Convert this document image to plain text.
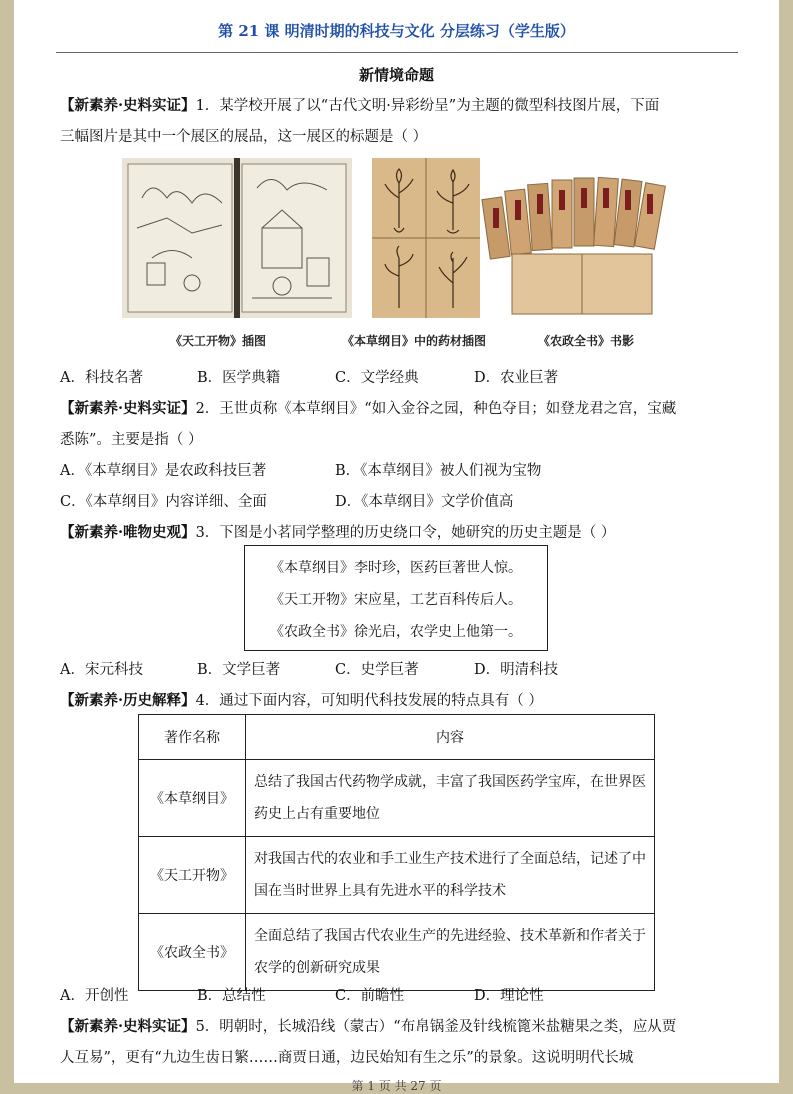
第 21 课 明清时期的科技与文化 分层练习（学生版）
新情境命题
【新素养·史料实证】1．某学校开展了以“古代文明·异彩纷呈”为主题的微型科技图片展，下面
三幅图片是其中一个展区的展品，这一展区的标题是（ ）
《天工开物》插图	《本草纲目》中的药材插图	《农政全书》书影
A．科技名著	B．医学典籍	C．文学经典	D．农业巨著
【新素养·史料实证】2．王世贞称《本草纲目》“如入金谷之园，种色夺目；如登龙君之宫，宝藏
悉陈”。主要是指（ ）
A．《本草纲目》是农政科技巨著	B．《本草纲目》被人们视为宝物
C．《本草纲目》内容详细、全面	D．《本草纲目》文学价值高
【新素养·唯物史观】3．下图是小茗同学整理的历史绕口令，她研究的历史主题是（ ）
《本草纲目》李时珍，医药巨著世人惊。
《天工开物》宋应星，工艺百科传后人。
《农政全书》徐光启，农学史上他第一。
A．宋元科技	B．文学巨著	C．史学巨著	D．明清科技
【新素养·历史解释】4．通过下面内容，可知明代科技发展的特点具有（ ）
著作名称	内容
《本草纲目》	总结了我国古代药物学成就，丰富了我国医药学宝库，在世界医药史上占有重要地位
《天工开物》	对我国古代的农业和手工业生产技术进行了全面总结，记述了中国在当时世界上具有先进水平的科学技术
《农政全书》	全面总结了我国古代农业生产的先进经验、技术革新和作者关于农学的创新研究成果
A．开创性	B．总结性	C．前瞻性	D．理论性
【新素养·史料实证】5．明朝时，长城沿线（蒙古）“布帛锅釜及针线梳篦米盐糖果之类，应从贾
人互易”，更有“九边生齿日繁……商贾日通，边民始知有生之乐”的景象。这说明明代长城
第 1 页 共 27 页
